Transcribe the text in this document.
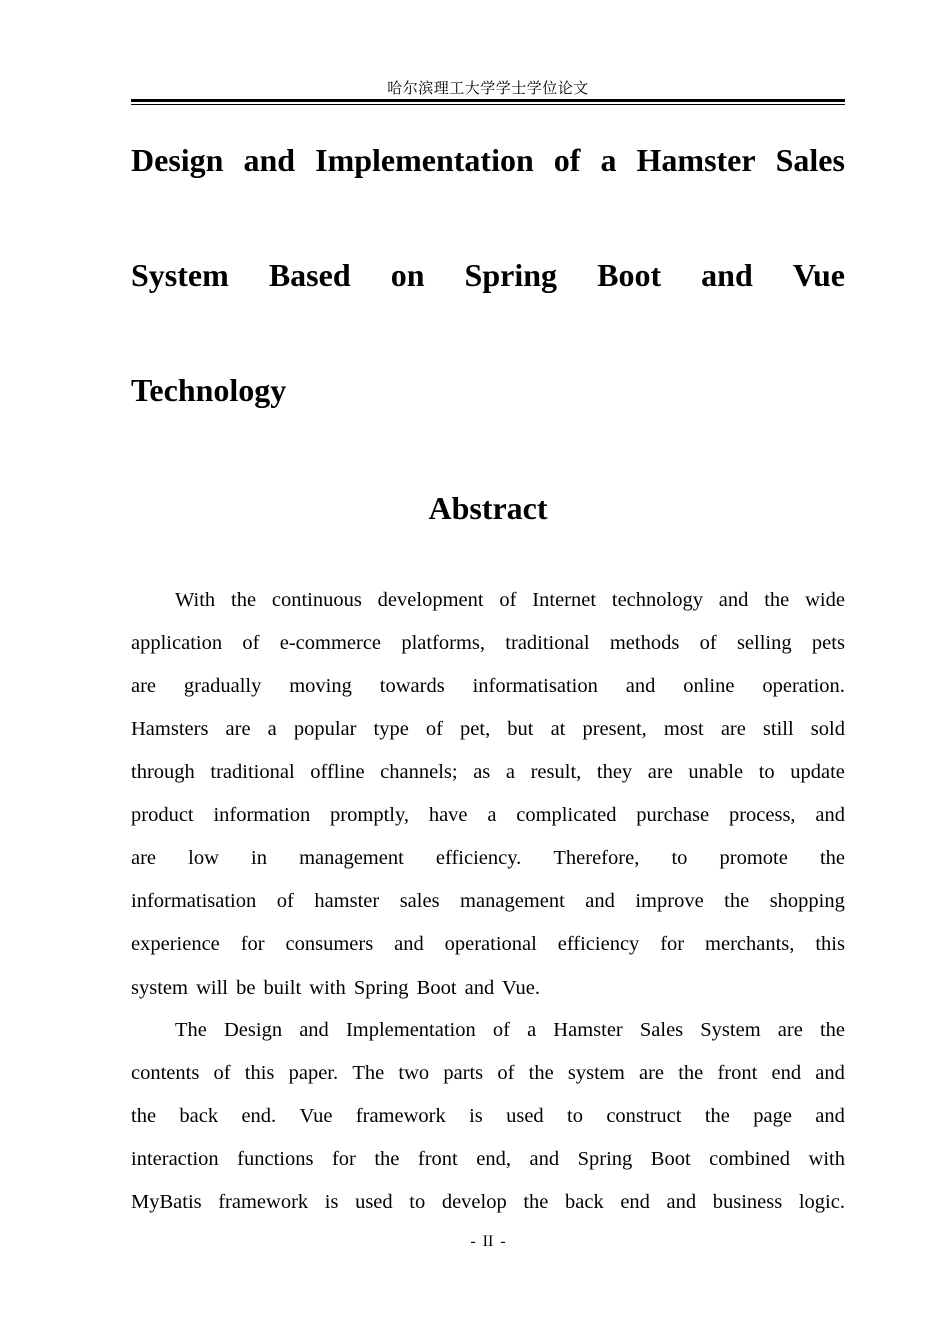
哈尔滨理工大学学士学位论文
Design and Implementation of a Hamster Sales
System Based on Spring Boot and Vue
Technology
Abstract
With the continuous development of Internet technology and the wide
application of e-commerce platforms, traditional methods of selling pets
are gradually moving towards informatisation and online operation.
Hamsters are a popular type of pet, but at present, most are still sold
through traditional offline channels; as a result, they are unable to update
product information promptly, have a complicated purchase process, and
are low in management efficiency. Therefore, to promote the
informatisation of hamster sales management and improve the shopping
experience for consumers and operational efficiency for merchants, this
system will be built with Spring Boot and Vue.
The Design and Implementation of a Hamster Sales System are the
contents of this paper. The two parts of the system are the front end and
the back end. Vue framework is used to construct the page and
interaction functions for the front end, and Spring Boot combined with
MyBatis framework is used to develop the back end and business logic.
- II -
